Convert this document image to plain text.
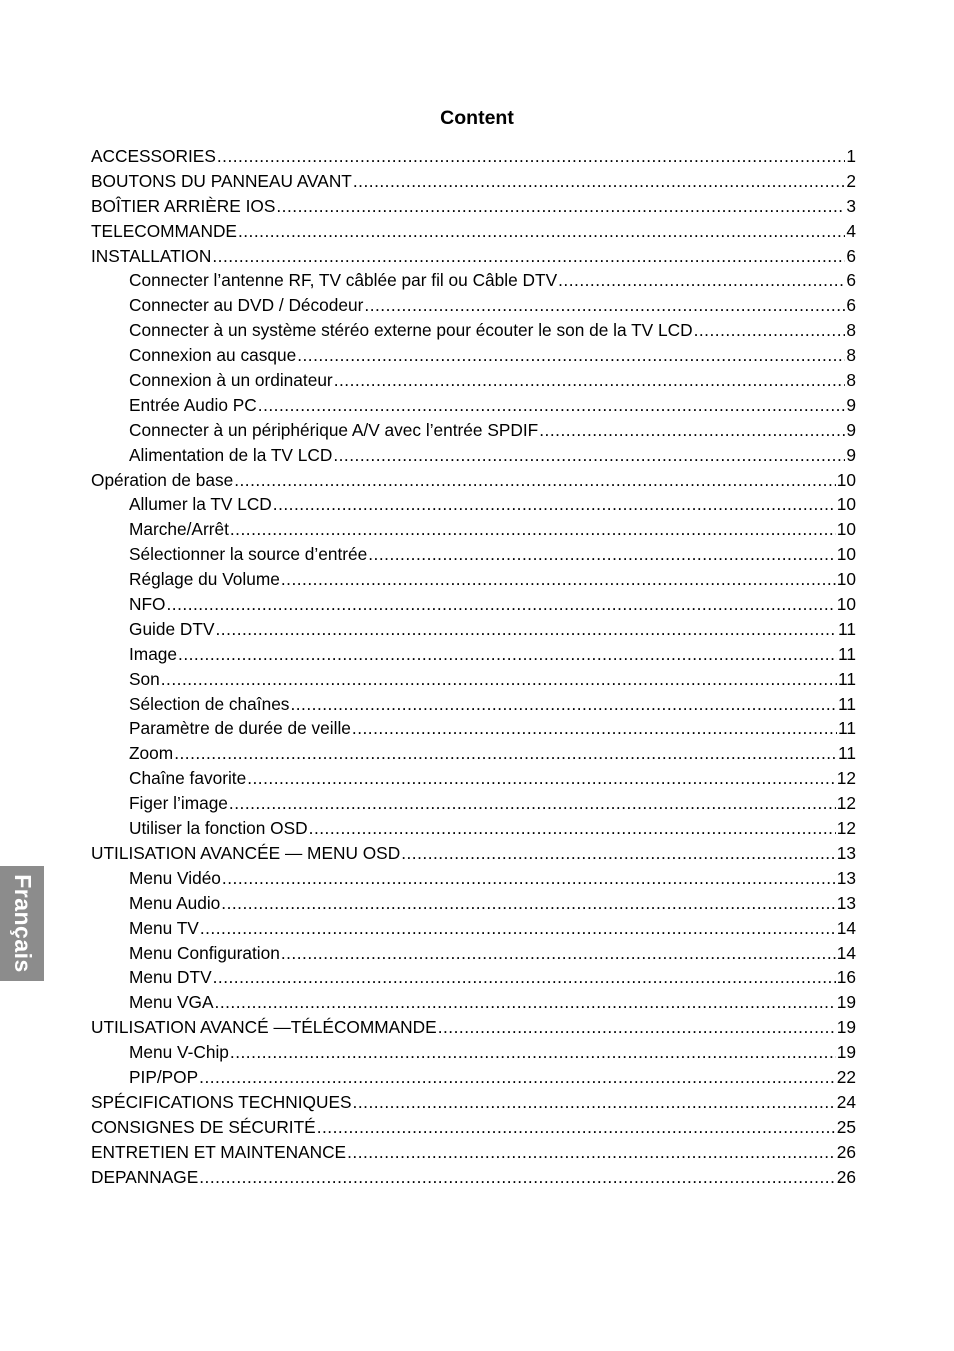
Content
ACCESSORIES .....	1
BOUTONS DU PANNEAU AVANT .....	2
BOÎTIER ARRIÈRE IOS .....	3
TELECOMMANDE .....	4
INSTALLATION .....	6
Connecter l’antenne RF, TV câblée par fil ou Câble DTV .....	6
Connecter au DVD / Décodeur .....	6
Connecter à un système stéréo externe pour écouter le son de la TV LCD .....	8
Connexion au casque .....	8
Connexion à un ordinateur .....	8
Entrée Audio PC .....	9
Connecter à un périphérique A/V avec l’entrée SPDIF .....	9
Alimentation de la TV LCD .....	9
Opération de base .....	10
Allumer la TV LCD .....	10
Marche/Arrêt .....	10
Sélectionner la source d’entrée .....	10
Réglage du Volume .....	10
NFO .....	10
Guide DTV .....	11
Image .....	11
Son .....	11
Sélection de chaînes .....	11
Paramètre de durée de veille .....	11
Zoom .....	11
Chaîne favorite .....	12
Figer l’image .....	12
Utiliser la fonction OSD .....	12
UTILISATION AVANCÉE — MENU OSD .....	13
Menu Vidéo .....	13
Menu Audio .....	13
Menu TV .....	14
Menu Configuration .....	14
Menu DTV .....	16
Menu VGA .....	19
UTILISATION AVANCÉ —TÉLÉCOMMANDE .....	19
Menu V-Chip .....	19
PIP/POP .....	22
SPÉCIFICATIONS TECHNIQUES .....	24
CONSIGNES DE SÉCURITÉ .....	25
ENTRETIEN ET MAINTENANCE .....	26
DEPANNAGE .....	26
Français
